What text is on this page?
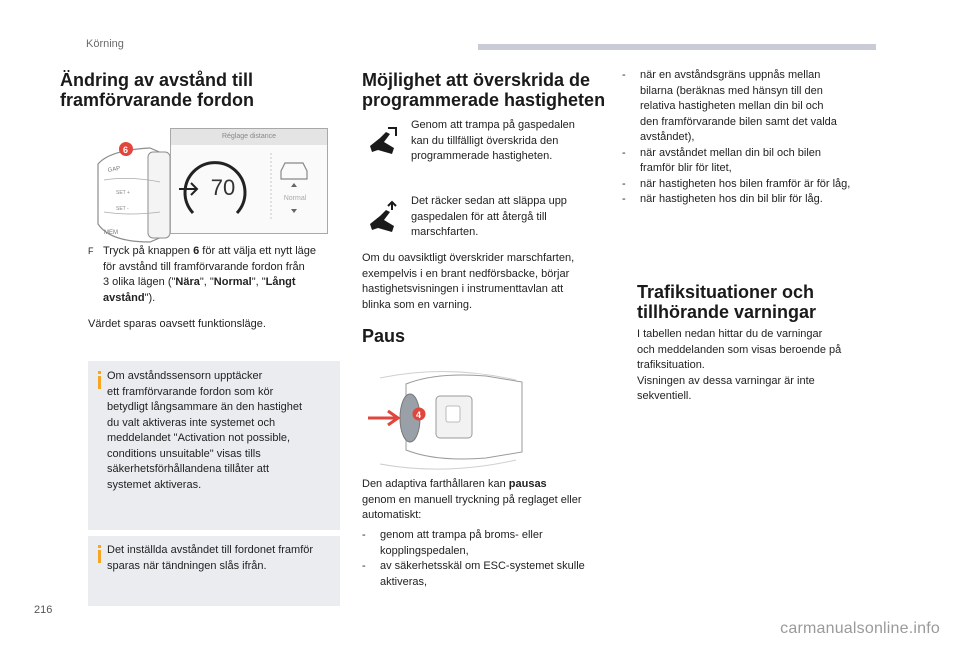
Körning
Ändring av avstånd till
framförvarande fordon
GAP
SET +
SET -
MEM
6
Réglage distance
70	Normal
F Tryck på knappen 6 för att välja ett nytt läge
för avstånd till framförvarande fordon från
3 olika lägen ("Nära", "Normal", "Långt
avstånd").
Värdet sparas oavsett funktionsläge.
Om avståndssensorn upptäcker
ett framförvarande fordon som kör
betydligt långsammare än den hastighet
du valt aktiveras inte systemet och
meddelandet "Activation not possible,
conditions unsuitable" visas tills
säkerhetsförhållandena tillåter att
systemet aktiveras.
Det inställda avståndet till fordonet framför
sparas när tändningen slås ifrån.
Möjlighet att överskrida de
programmerade hastigheten
Genom att trampa på gaspedalen
kan du tillfälligt överskrida den
programmerade hastigheten.
Det räcker sedan att släppa upp
gaspedalen för att återgå till
marschfarten.
Om du oavsiktligt överskrider marschfarten,
exempelvis i en brant nedförsbacke, börjar
hastighetsvisningen i instrumenttavlan att
blinka som en varning.
Paus
4
Den adaptiva farthållaren kan pausas
genom en manuell tryckning på reglaget eller
automatiskt:
- genom att trampa på broms- eller
kopplingspedalen,
- av säkerhetsskäl om ESC-systemet skulle
aktiveras,
- när en avståndsgräns uppnås mellan
bilarna (beräknas med hänsyn till den
relativa hastigheten mellan din bil och
den framförvarande bilen samt det valda
avståndet),
- när avståndet mellan din bil och bilen
framför blir för litet,
- när hastigheten hos bilen framför är för låg,
- när hastigheten hos din bil blir för låg.
Trafiksituationer och
tillhörande varningar
I tabellen nedan hittar du de varningar
och meddelanden som visas beroende på
trafiksituation.
Visningen av dessa varningar är inte
sekventiell.
216
carmanualsonline.info
